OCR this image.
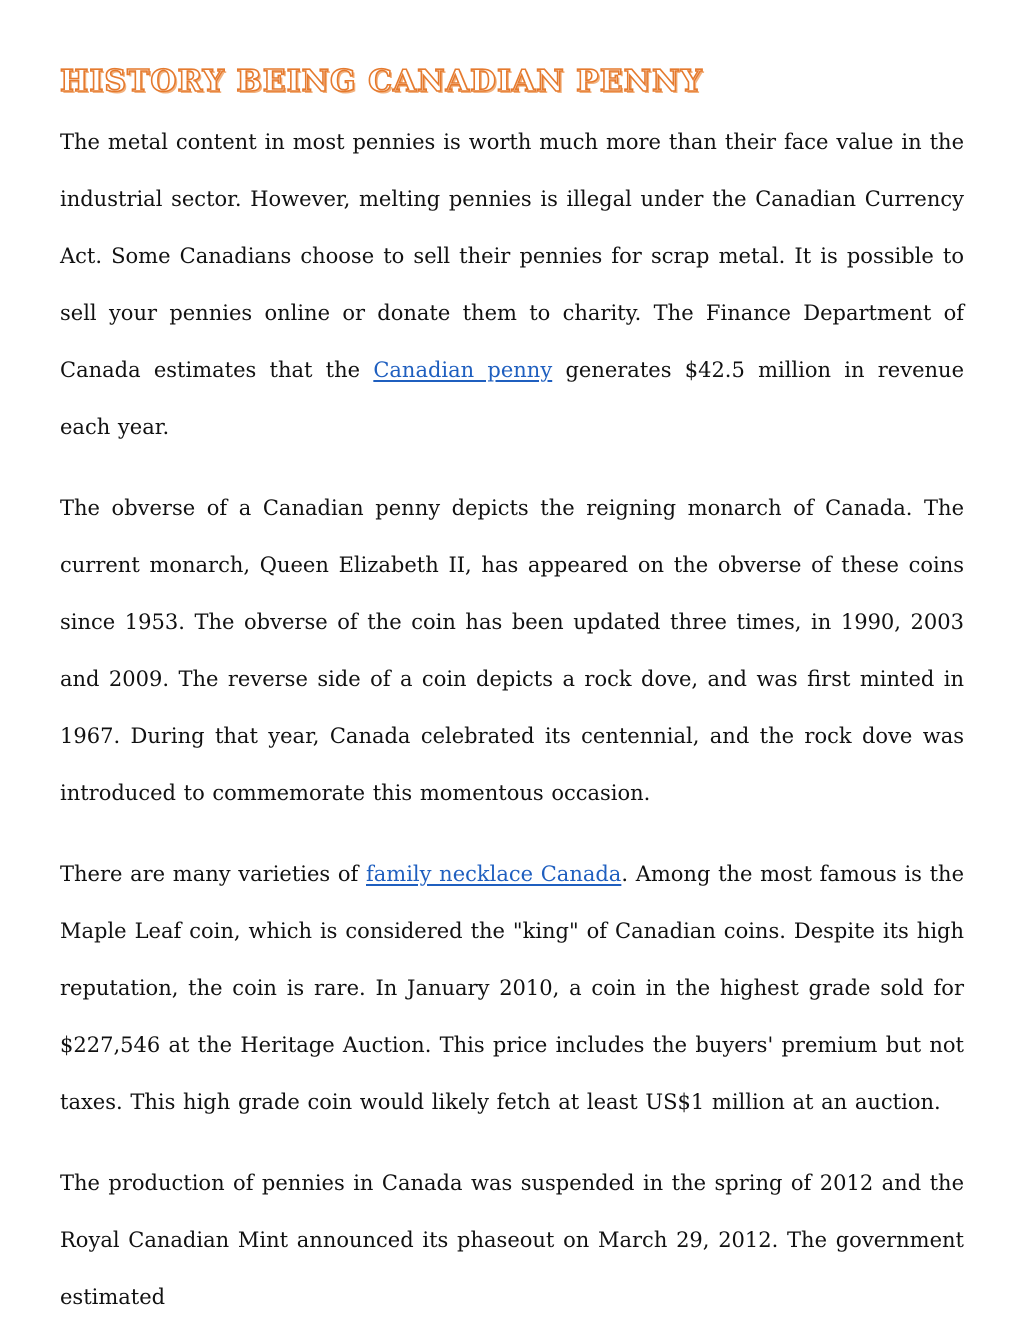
HISTORY BEING CANADIAN PENNY

The metal content in most pennies is worth much more than their face value in the industrial sector. However, melting pennies is illegal under the Canadian Currency Act. Some Canadians choose to sell their pennies for scrap metal. It is possible to sell your pennies online or donate them to charity. The Finance Department of Canada estimates that the Canadian penny generates $42.5 million in revenue each year.

The obverse of a Canadian penny depicts the reigning monarch of Canada. The current monarch, Queen Elizabeth II, has appeared on the obverse of these coins since 1953. The obverse of the coin has been updated three times, in 1990, 2003 and 2009. The reverse side of a coin depicts a rock dove, and was first minted in 1967. During that year, Canada celebrated its centennial, and the rock dove was introduced to commemorate this momentous occasion.

There are many varieties of family necklace Canada. Among the most famous is the Maple Leaf coin, which is considered the "king" of Canadian coins. Despite its high reputation, the coin is rare. In January 2010, a coin in the highest grade sold for $227,546 at the Heritage Auction. This price includes the buyers' premium but not taxes. This high grade coin would likely fetch at least US$1 million at an auction.

The production of pennies in Canada was suspended in the spring of 2012 and the Royal Canadian Mint announced its phaseout on March 29, 2012. The government estimated
